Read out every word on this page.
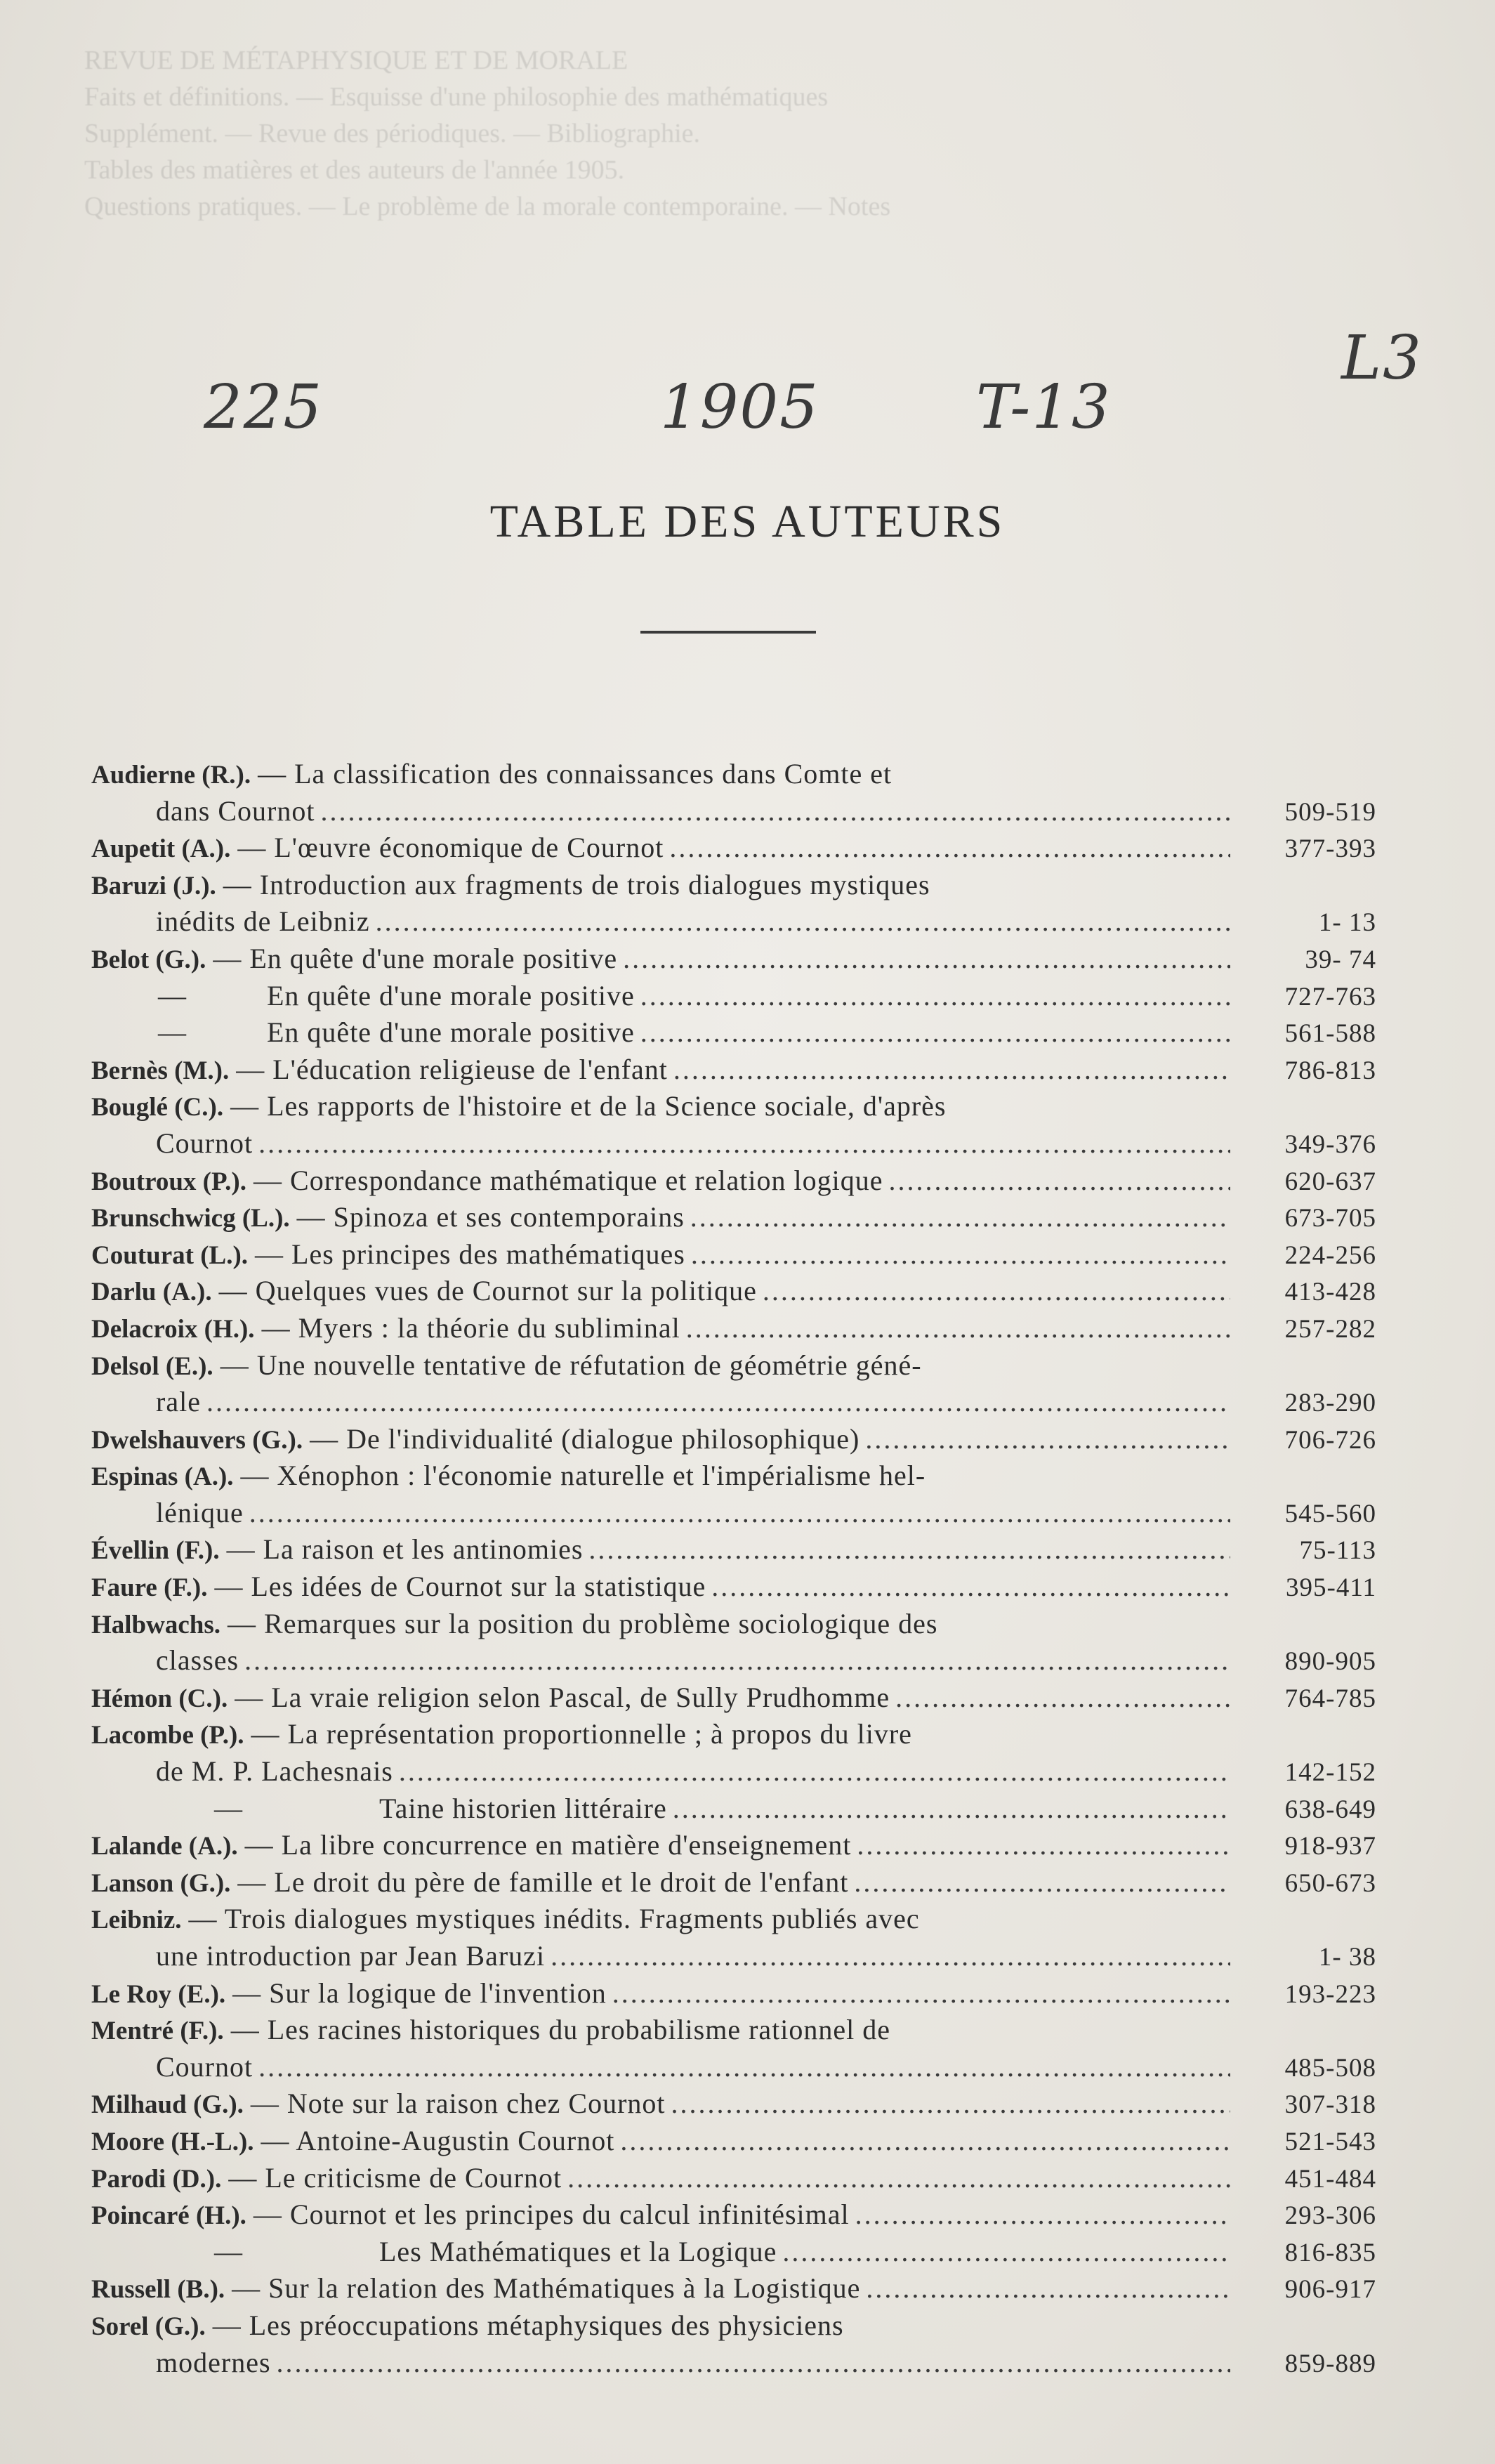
REVUE DE MÉTAPHYSIQUE ET DE MORALE
Faits et définitions. — Esquisse d'une philosophie des mathématiques
Supplément. — Revue des périodiques. — Bibliographie.
Tables des matières et des auteurs de l'année 1905.
Questions pratiques. — Le problème de la morale contemporaine. — Notes
225	1905	T-13
L3
TABLE DES AUTEURS
Audierne (R.). — La classification des connaissances dans Comte et
dans Cournot .....	509-519
Aupetit (A.). — L'œuvre économique de Cournot .....	377-393
Baruzi (J.). — Introduction aux fragments de trois dialogues mystiques
inédits de Leibniz .....	1- 13
Belot (G.). — En quête d'une morale positive .....	39- 74
—	En quête d'une morale positive .....	727-763
—	En quête d'une morale positive .....	561-588
Bernès (M.). — L'éducation religieuse de l'enfant .....	786-813
Bouglé (C.). — Les rapports de l'histoire et de la Science sociale, d'après
Cournot .....	349-376
Boutroux (P.). — Correspondance mathématique et relation logique .....	620-637
Brunschwicg (L.). — Spinoza et ses contemporains .....	673-705
Couturat (L.). — Les principes des mathématiques .....	224-256
Darlu (A.). — Quelques vues de Cournot sur la politique .....	413-428
Delacroix (H.). — Myers : la théorie du subliminal .....	257-282
Delsol (E.). — Une nouvelle tentative de réfutation de géométrie géné-
rale .....	283-290
Dwelshauvers (G.). — De l'individualité (dialogue philosophique) .....	706-726
Espinas (A.). — Xénophon : l'économie naturelle et l'impérialisme hel-
lénique .....	545-560
Évellin (F.). — La raison et les antinomies .....	75-113
Faure (F.). — Les idées de Cournot sur la statistique .....	395-411
Halbwachs. — Remarques sur la position du problème sociologique des
classes .....	890-905
Hémon (C.). — La vraie religion selon Pascal, de Sully Prudhomme .....	764-785
Lacombe (P.). — La représentation proportionnelle ; à propos du livre
de M. P. Lachesnais .....	142-152
—	Taine historien littéraire .....	638-649
Lalande (A.). — La libre concurrence en matière d'enseignement .....	918-937
Lanson (G.). — Le droit du père de famille et le droit de l'enfant .....	650-673
Leibniz. — Trois dialogues mystiques inédits. Fragments publiés avec
une introduction par Jean Baruzi .....	1- 38
Le Roy (E.). — Sur la logique de l'invention .....	193-223
Mentré (F.). — Les racines historiques du probabilisme rationnel de
Cournot .....	485-508
Milhaud (G.). — Note sur la raison chez Cournot .....	307-318
Moore (H.-L.). — Antoine-Augustin Cournot .....	521-543
Parodi (D.). — Le criticisme de Cournot .....	451-484
Poincaré (H.). — Cournot et les principes du calcul infinitésimal .....	293-306
—	Les Mathématiques et la Logique .....	816-835
Russell (B.). — Sur la relation des Mathématiques à la Logistique .....	906-917
Sorel (G.). — Les préoccupations métaphysiques des physiciens
modernes .....	859-889
